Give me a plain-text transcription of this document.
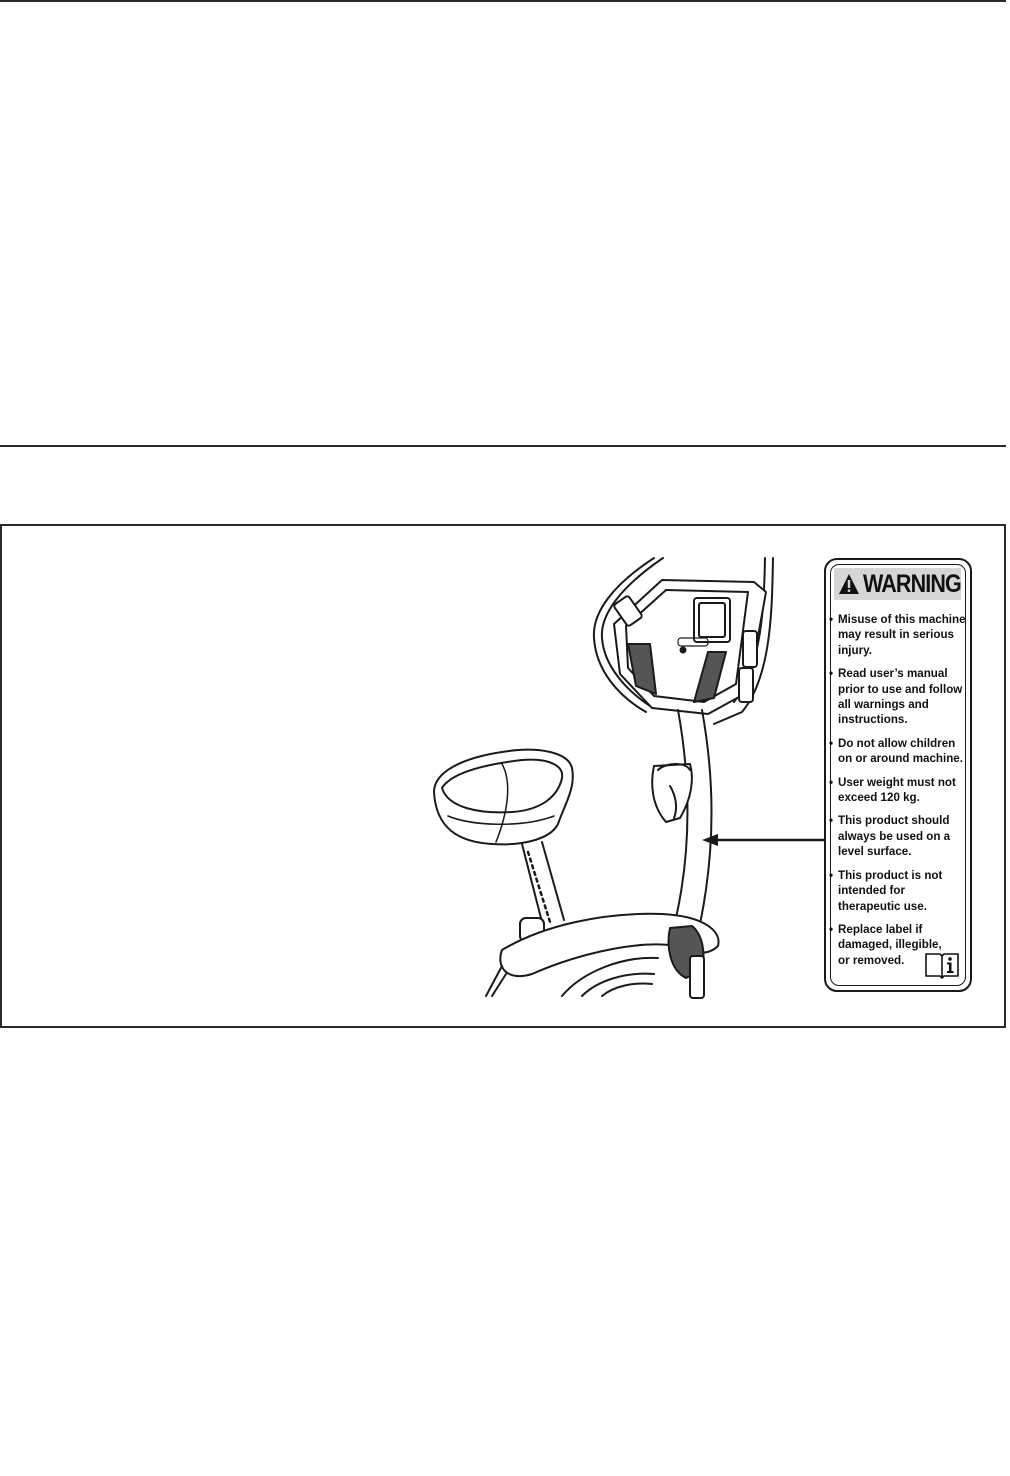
WARNING
• Misuse of this machine
may result in serious
injury.
• Read user’s manual
prior to use and follow
all warnings and
instructions.
• Do not allow children
on or around machine.
• User weight must not
exceed 120 kg.
• This product should
always be used on a
level surface.
• This product is not
intended for
therapeutic use.
• Replace label if
damaged, illegible,
or removed.
